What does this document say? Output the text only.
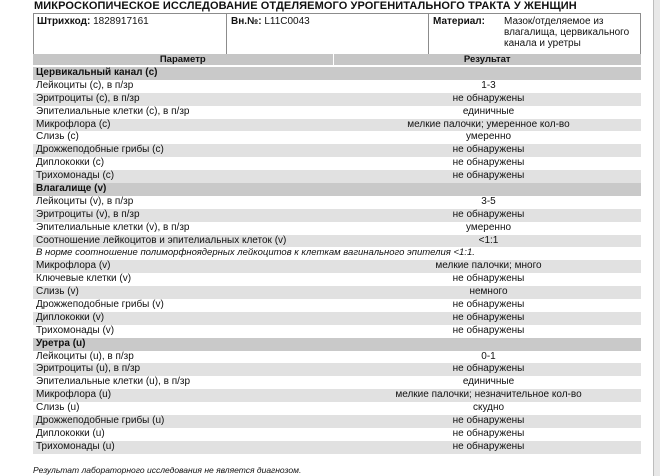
МИКРОСКОПИЧЕСКОЕ ИССЛЕДОВАНИЕ ОТДЕЛЯЕМОГО УРОГЕНИТАЛЬНОГО ТРАКТА У ЖЕНЩИН
Штрихкод: 1828917161	Вн.№: L11C0043	Материал:	Мазок/отделяемое из влагалища, цервикального канала и уретры
Параметр	Результат
Цервикальный канал (c)
Лейкоциты (c), в п/зр	1-3
Эритроциты (c), в п/зр	не обнаружены
Эпителиальные клетки (c), в п/зр	единичные
Микрофлора (c)	мелкие палочки; умеренное кол-во
Слизь (c)	умеренно
Дрожжеподобные грибы (c)	не обнаружены
Диплококки (c)	не обнаружены
Трихомонады (c)	не обнаружены
Влагалище (v)
Лейкоциты (v), в п/зр	3-5
Эритроциты (v), в п/зр	не обнаружены
Эпителиальные клетки (v), в п/зр	умеренно
Соотношение лейкоцитов и эпителиальных клеток (v)	<1:1
В норме соотношение полиморфноядерных лейкоцитов к клеткам вагинального эпителия <1:1.
Микрофлора (v)	мелкие палочки; много
Ключевые клетки (v)	не обнаружены
Слизь (v)	немного
Дрожжеподобные грибы (v)	не обнаружены
Диплококки (v)	не обнаружены
Трихомонады (v)	не обнаружены
Уретра (u)
Лейкоциты (u), в п/зр	0-1
Эритроциты (u), в п/зр	не обнаружены
Эпителиальные клетки (u), в п/зр	единичные
Микрофлора (u)	мелкие палочки; незначительное кол-во
Слизь (u)	скудно
Дрожжеподобные грибы (u)	не обнаружены
Диплококки (u)	не обнаружены
Трихомонады (u)	не обнаружены
Результат лабораторного исследования не является диагнозом.
